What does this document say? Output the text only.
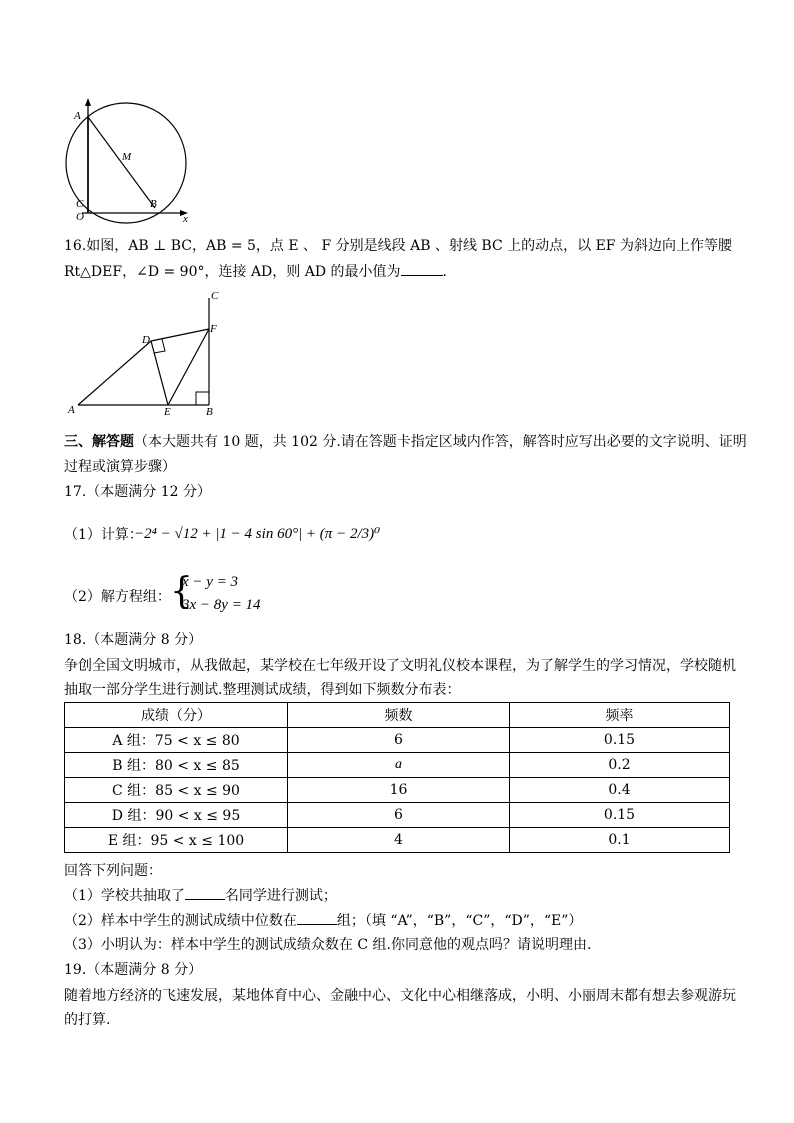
A
M
C
O
B
x
16.如图，AB ⊥ BC，AB = 5，点 E 、 F 分别是线段 AB 、射线 BC 上的动点，以 EF 为斜边向上作等腰
Rt△DEF，∠D = 90°，连接 AD，则 AD 的最小值为	.
C
F
D
A	E	B
三、解答题（本大题共有 10 题，共 102 分.请在答题卡指定区域内作答，解答时应写出必要的文字说明、证明
过程或演算步骤）
17.（本题满分 12 分）
（1）计算：
−2⁴ − √12 + |1 − 4 sin 60°| + (π − 2/3)⁰
（2）解方程组： {
x − y = 3
3x − 8y = 14
18.（本题满分 8 分）
争创全国文明城市，从我做起，某学校在七年级开设了文明礼仪校本课程，为了解学生的学习情况，学校随机
抽取一部分学生进行测试.整理测试成绩，得到如下频数分布表：
成绩（分）	频数	频率
A 组：75 < x ≤ 80	6	0.15
B 组：80 < x ≤ 85	a	0.2
C 组：85 < x ≤ 90	16	0.4
D 组：90 < x ≤ 95	6	0.15
E 组：95 < x ≤ 100	4	0.1
回答下列问题：
（1）学校共抽取了	名同学进行测试；
（2）样本中学生的测试成绩中位数在	组；（填 “A”，“B”，“C”，“D”，“E”）
（3）小明认为：样本中学生的测试成绩众数在 C 组.你同意他的观点吗？请说明理由.
19.（本题满分 8 分）
随着地方经济的飞速发展，某地体育中心、金融中心、文化中心相继落成，小明、小丽周末都有想去参观游玩
的打算.
